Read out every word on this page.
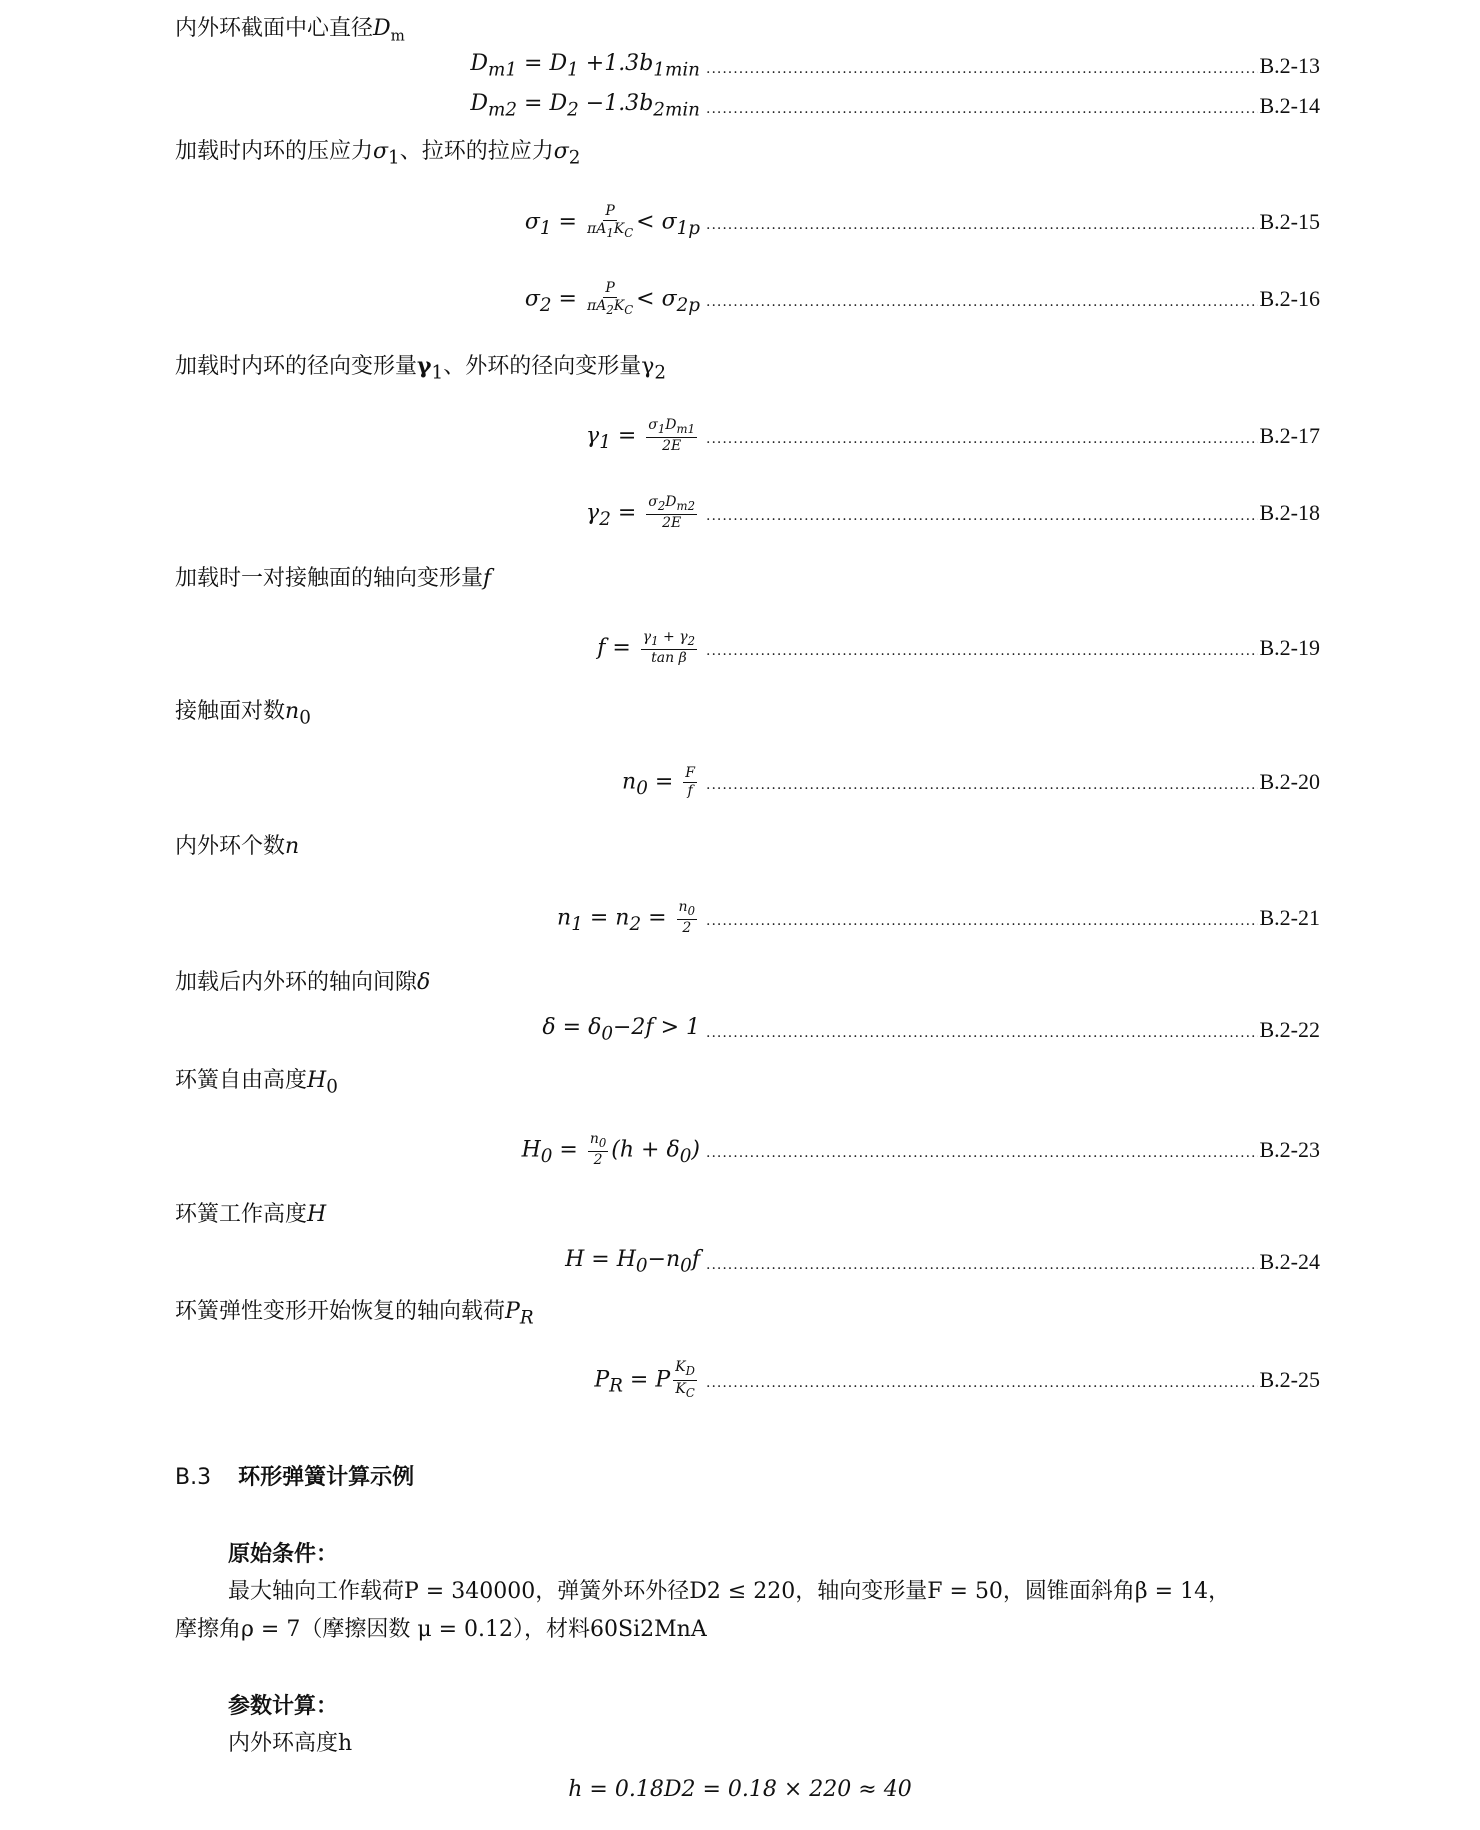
内外环截面中心直径$D_m$
$D_{m1} = D_1 +1.3b_{1min}$ .....	B.2-13
$D_{m2} = D_2 -1.3b_{2min}$ .....	B.2-14
加载时内环的压应力$\sigma_1$、拉环的拉应力$\sigma_2$
$\sigma_1 = \frac{P}{\pi A_1K_C} < \sigma_{1p}$ .....	B.2-15
$\sigma_2 = \frac{P}{\pi A_2K_C} < \sigma_{2p}$ .....	B.2-16
加载时内环的径向变形量$\gamma_1$、外环的径向变形量$\gamma_2$
$\gamma_1 = \frac{\sigma_1D_{m1}}{2E}$ .....	B.2-17
$\gamma_2 = \frac{\sigma_2D_{m2}}{2E}$ .....	B.2-18
加载时一对接触面的轴向变形量f
$f = \frac{\gamma_1 + \gamma_2}{\text{tan β}}$ .....	B.2-19
接触面对数$n_0$
$n_0 = \frac{F}{f}$ .....	B.2-20
内外环个数n
$n_1 = n_2 = \frac{n_0}{2}$ .....	B.2-21
加载后内外环的轴向间隙δ
$\delta = \delta_0-2f > 1$ .....	B.2-22
环簧自由高度$H_0$
$H_0 = \frac{n_0}{2} (h + \delta_0)$ .....	B.2-23
环簧工作高度H
$H = H_0-n_0f$ .....	B.2-24
环簧弹性变形开始恢复的轴向载荷$P_R$
$P_R = P \frac{K_D}{K_C}$ .....	B.2-25
B.3 环形弹簧计算示例
原始条件：
最大轴向工作载荷P = 340000，弹簧外环外径D2 ≤ 220，轴向变形量F = 50，圆锥面斜角β = 14，
摩擦角ρ = 7（摩擦因数 μ = 0.12），材料60Si2MnA
参数计算：
内外环高度h
h = 0.18D2 = 0.18 × 220 ≈ 40
